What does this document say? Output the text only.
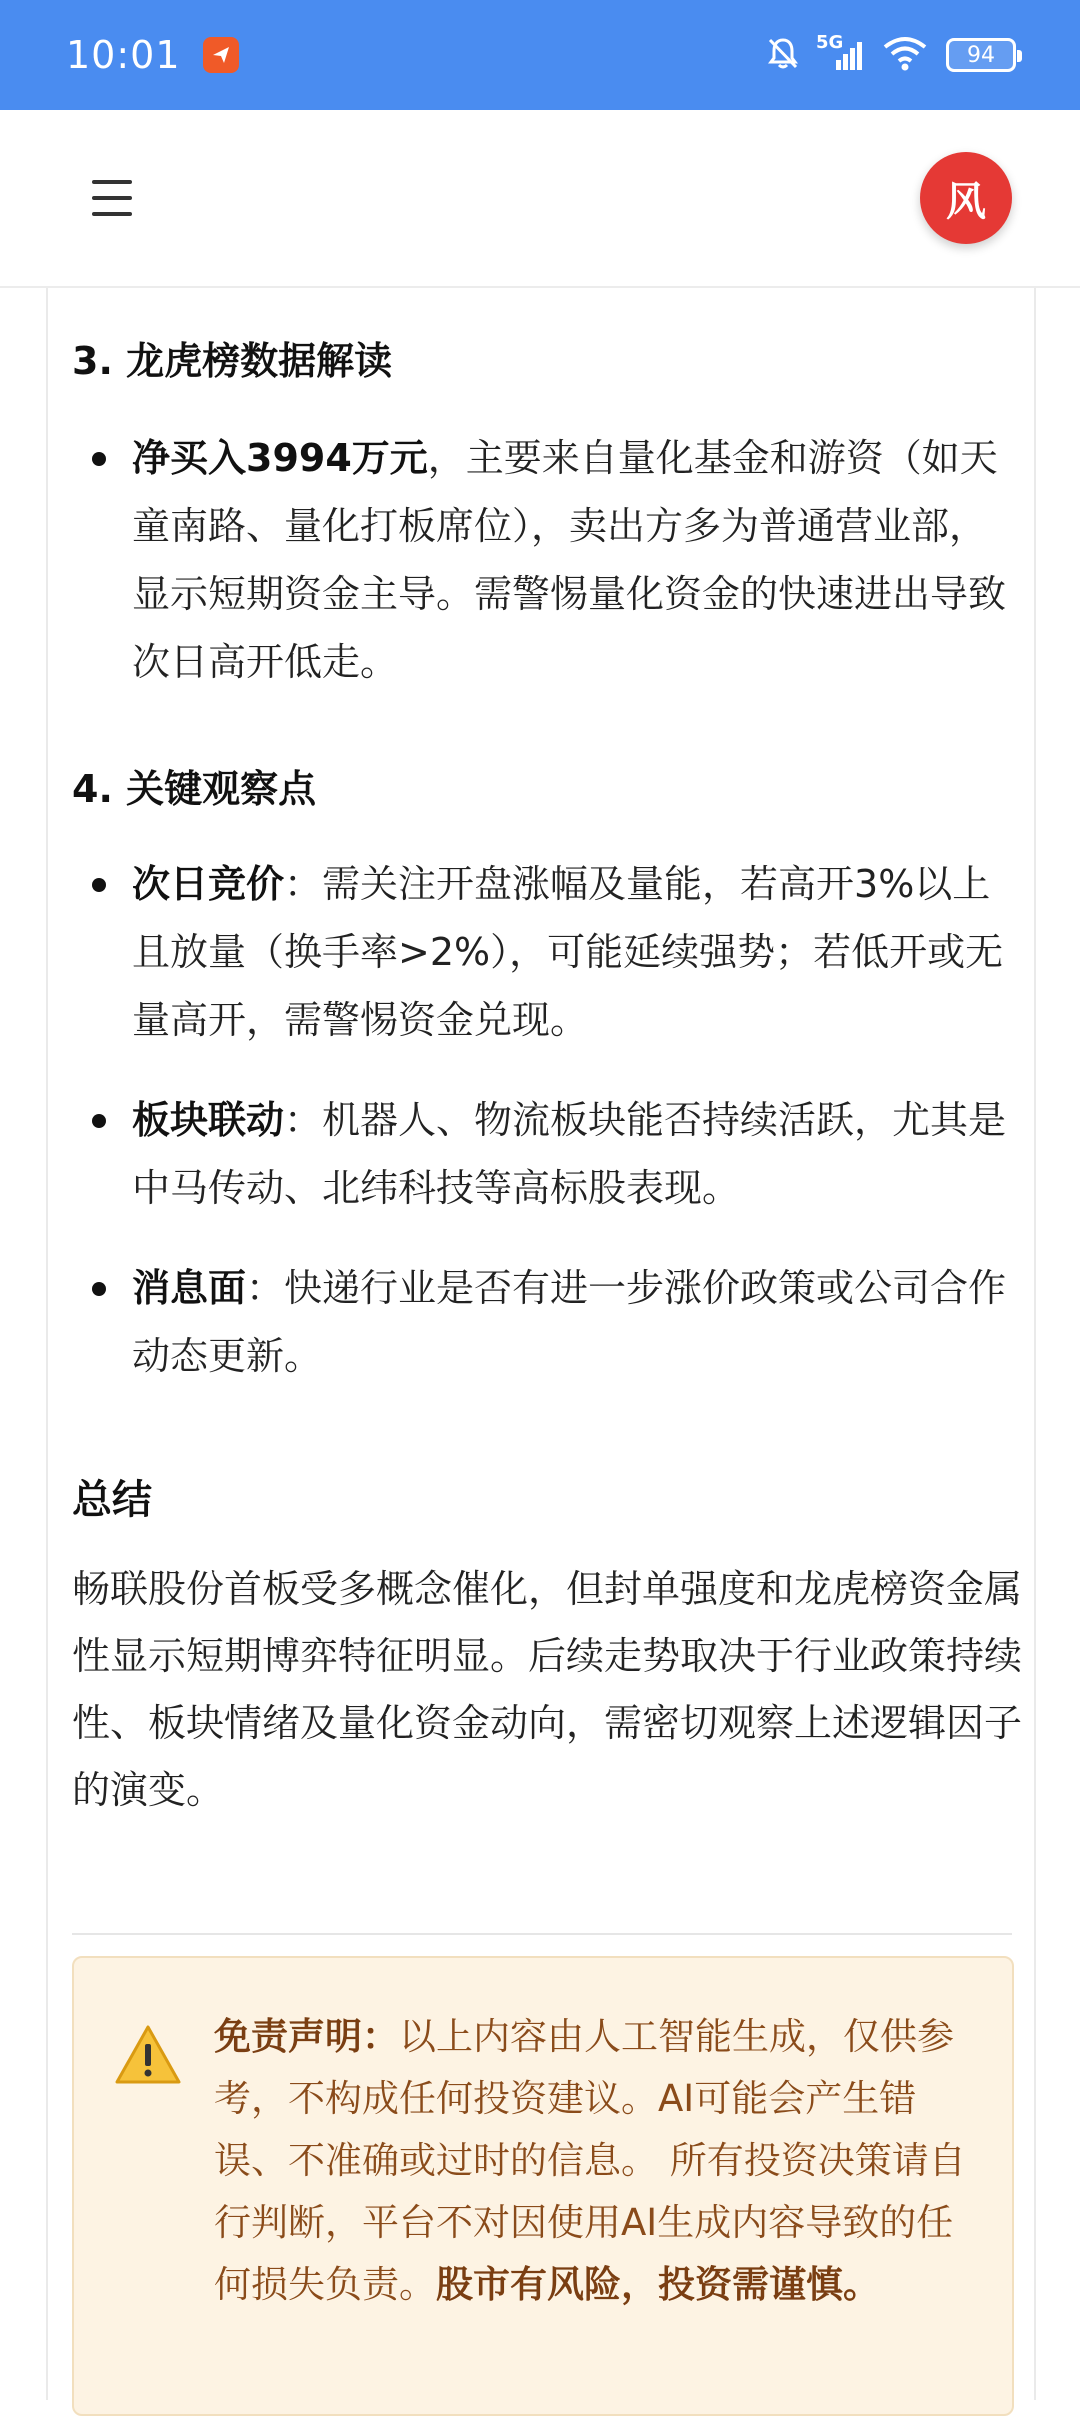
10:01	5G	94
风
3. 龙虎榜数据解读
净买入3994万元，主要来自量化基金和游资（如天童南路、量化打板席位），卖出方多为普通营业部，显示短期资金主导。需警惕量化资金的快速进出导致次日高开低走。
4. 关键观察点
次日竞价：需关注开盘涨幅及量能，若高开3%以上且放量（换手率>2%），可能延续强势；若低开或无量高开，需警惕资金兑现。
板块联动：机器人、物流板块能否持续活跃，尤其是中马传动、北纬科技等高标股表现。
消息面：快递行业是否有进一步涨价政策或公司合作动态更新。
总结
畅联股份首板受多概念催化，但封单强度和龙虎榜资金属性显示短期博弈特征明显。后续走势取决于行业政策持续性、板块情绪及量化资金动向，需密切观察上述逻辑因子的演变。
免责声明：以上内容由人工智能生成，仅供参考，不构成任何投资建议。AI可能会产生错误、不准确或过时的信息。 所有投资决策请自行判断，平台不对因使用AI生成内容导致的任何损失负责。股市有风险，投资需谨慎。
